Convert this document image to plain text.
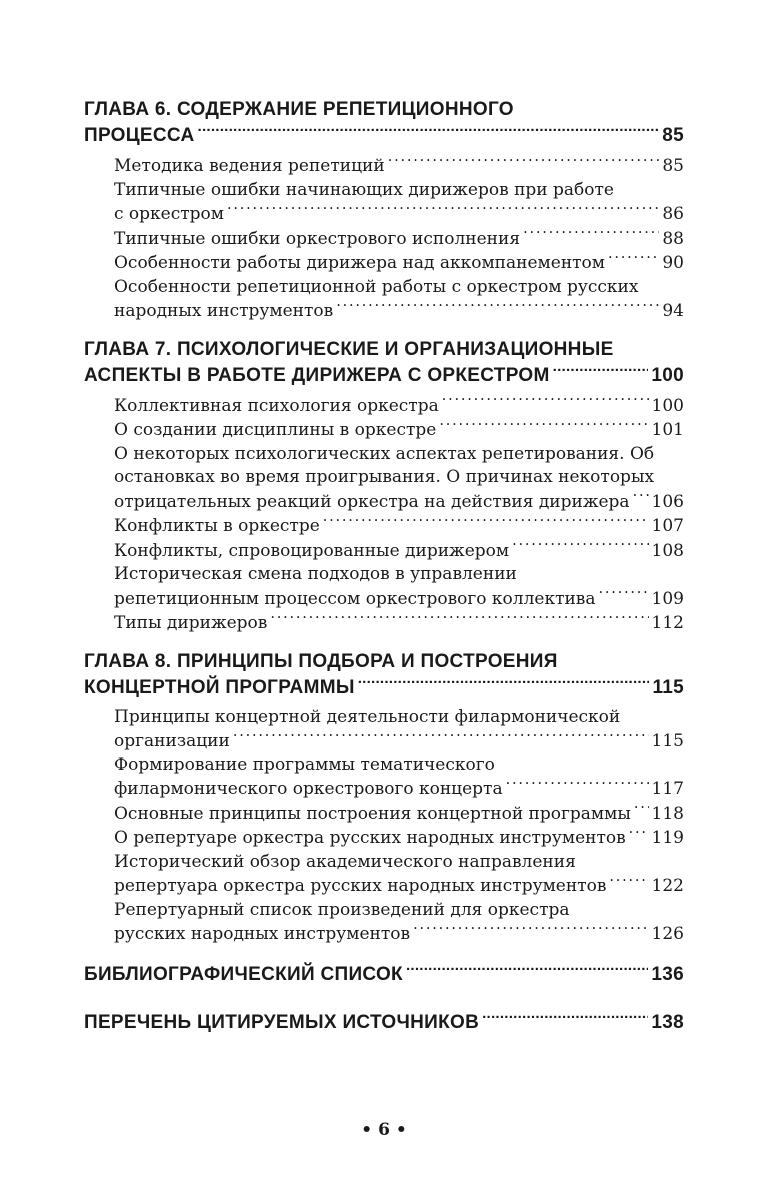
ГЛАВА 6. СОДЕРЖАНИЕ РЕПЕТИЦИОННОГО
ПРОЦЕССА . . .	85
Методика ведения репетиций . . .	85
Типичные ошибки начинающих дирижеров при работе
с оркестром . . .	86
Типичные ошибки оркестрового исполнения . . .	88
Особенности работы дирижера над аккомпанементом . . .	90
Особенности репетиционной работы с оркестром русских
народных инструментов . . .	94
ГЛАВА 7. ПСИХОЛОГИЧЕСКИЕ И ОРГАНИЗАЦИОННЫЕ
АСПЕКТЫ В РАБОТЕ ДИРИЖЕРА С ОРКЕСТРОМ . . .	100
Коллективная психология оркестра . . .	100
О создании дисциплины в оркестре . . .	101
О некоторых психологических аспектах репетирования. Об
остановках во время проигрывания. О причинах некоторых
отрицательных реакций оркестра на действия дирижера . . . 106
Конфликты в оркестре . . .	107
Конфликты, спровоцированные дирижером . . .	108
Историческая смена подходов в управлении
репетиционным процессом оркестрового коллектива . . .	109
Типы дирижеров . . .	112
ГЛАВА 8. ПРИНЦИПЫ ПОДБОРА И ПОСТРОЕНИЯ
КОНЦЕРТНОЙ ПРОГРАММЫ . . .	115
Принципы концертной деятельности филармонической
организации . . .	115
Формирование программы тематического
филармонического оркестрового концерта . . .	117
Основные принципы построения концертной программы . . . 118
О репертуаре оркестра русских народных инструментов . . . 119
Исторический обзор академического направления
репертуара оркестра русских народных инструментов . . .	122
Репертуарный список произведений для оркестра
русских народных инструментов . . .	126
БИБЛИОГРАФИЧЕСКИЙ СПИСОК . . .	136
ПЕРЕЧЕНЬ ЦИТИРУЕМЫХ ИСТОЧНИКОВ . . .	138
• 6 •
